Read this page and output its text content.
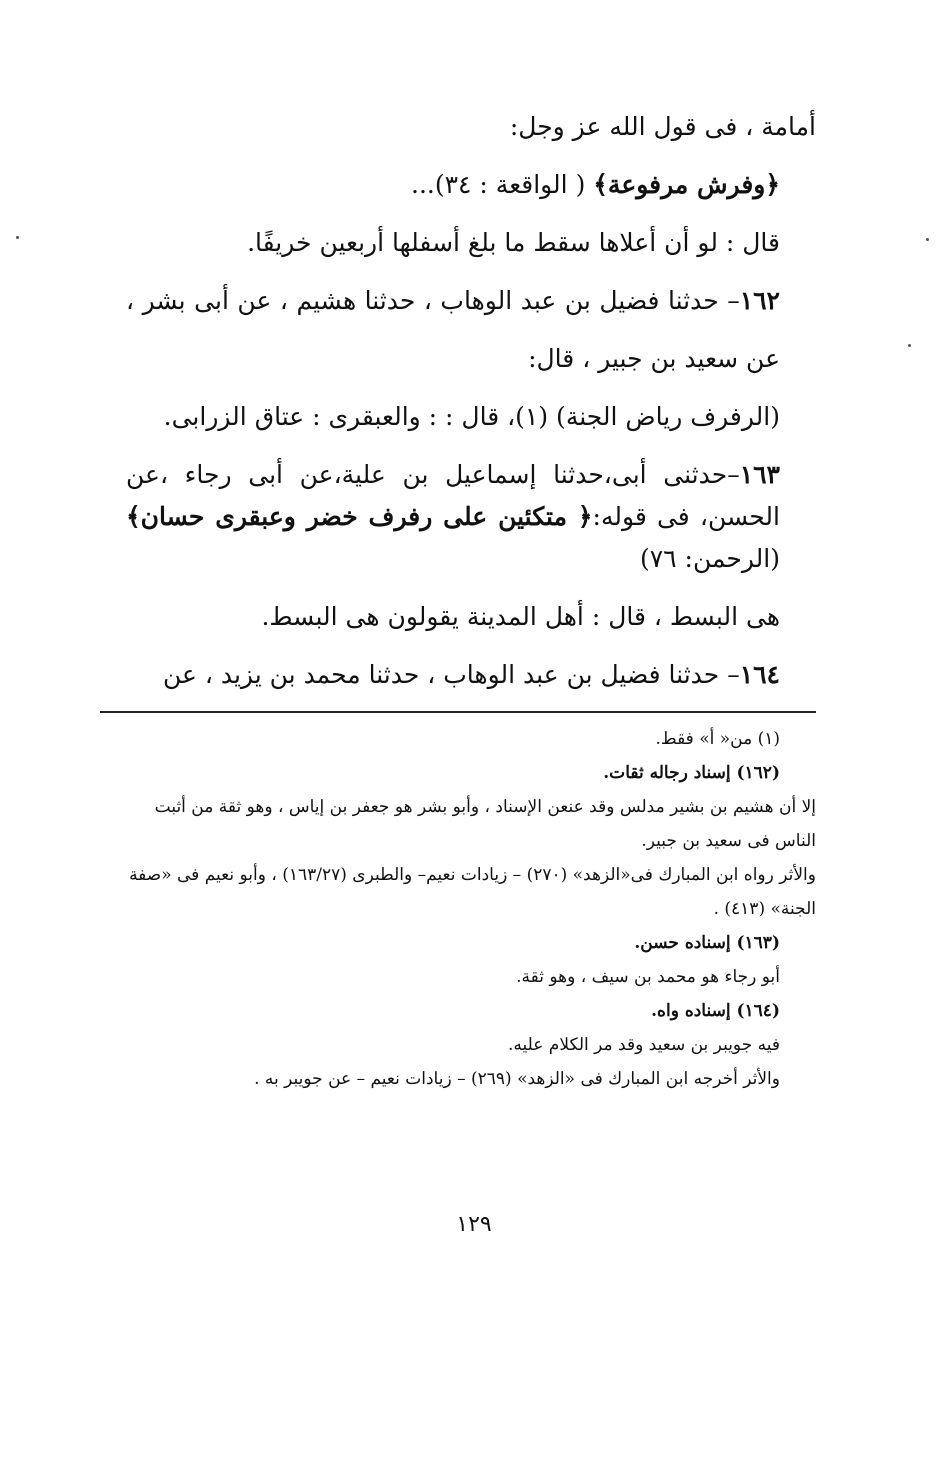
أمامة ، فى قول الله عز وجل:

﴿وفرش مرفوعة﴾ ( الواقعة : ٣٤)...

قال : لو أن أعلاها سقط ما بلغ أسفلها أربعين خريفًا.

١٦٢– حدثنا فضيل بن عبد الوهاب ، حدثنا هشيم ، عن أبى بشر ، عن سعيد بن جبير ، قال:

(الرفرف رياض الجنة) (١)، قال : : والعبقرى : عتاق الزرابى.

١٦٣–حدثنى أبى،حدثنا إسماعيل بن علية،عن أبى رجاء ،عن الحسن، فى قوله:﴿ متكئين على رفرف خضر وعبقرى حسان﴾(الرحمن: ٧٦)

هى البسط ، قال : أهل المدينة يقولون هى البسط.

١٦٤– حدثنا فضيل بن عبد الوهاب ، حدثنا محمد بن يزيد ، عن

(١) من« أ» فقط.

(١٦٢) إسناد رجاله ثقات.

إلا أن هشيم بن بشير مدلس وقد عنعن الإسناد ، وأبو بشر هو جعفر بن إياس ، وهو ثقة من أثبت الناس فى سعيد بن جبير.

والأثر رواه ابن المبارك فى«الزهد» (٢٧٠) – زيادات نعيم– والطبرى (١٦٣/٢٧) ، وأبو نعيم فى «صفة الجنة» (٤١٣) .

(١٦٣) إسناده حسن.

أبو رجاء هو محمد بن سيف ، وهو ثقة.

(١٦٤) إسناده واه.

فيه جويبر بن سعيد وقد مر الكلام عليه.

والأثر أخرجه ابن المبارك فى «الزهد» (٢٦٩) – زيادات نعيم – عن جويبر به .

١٢٩
